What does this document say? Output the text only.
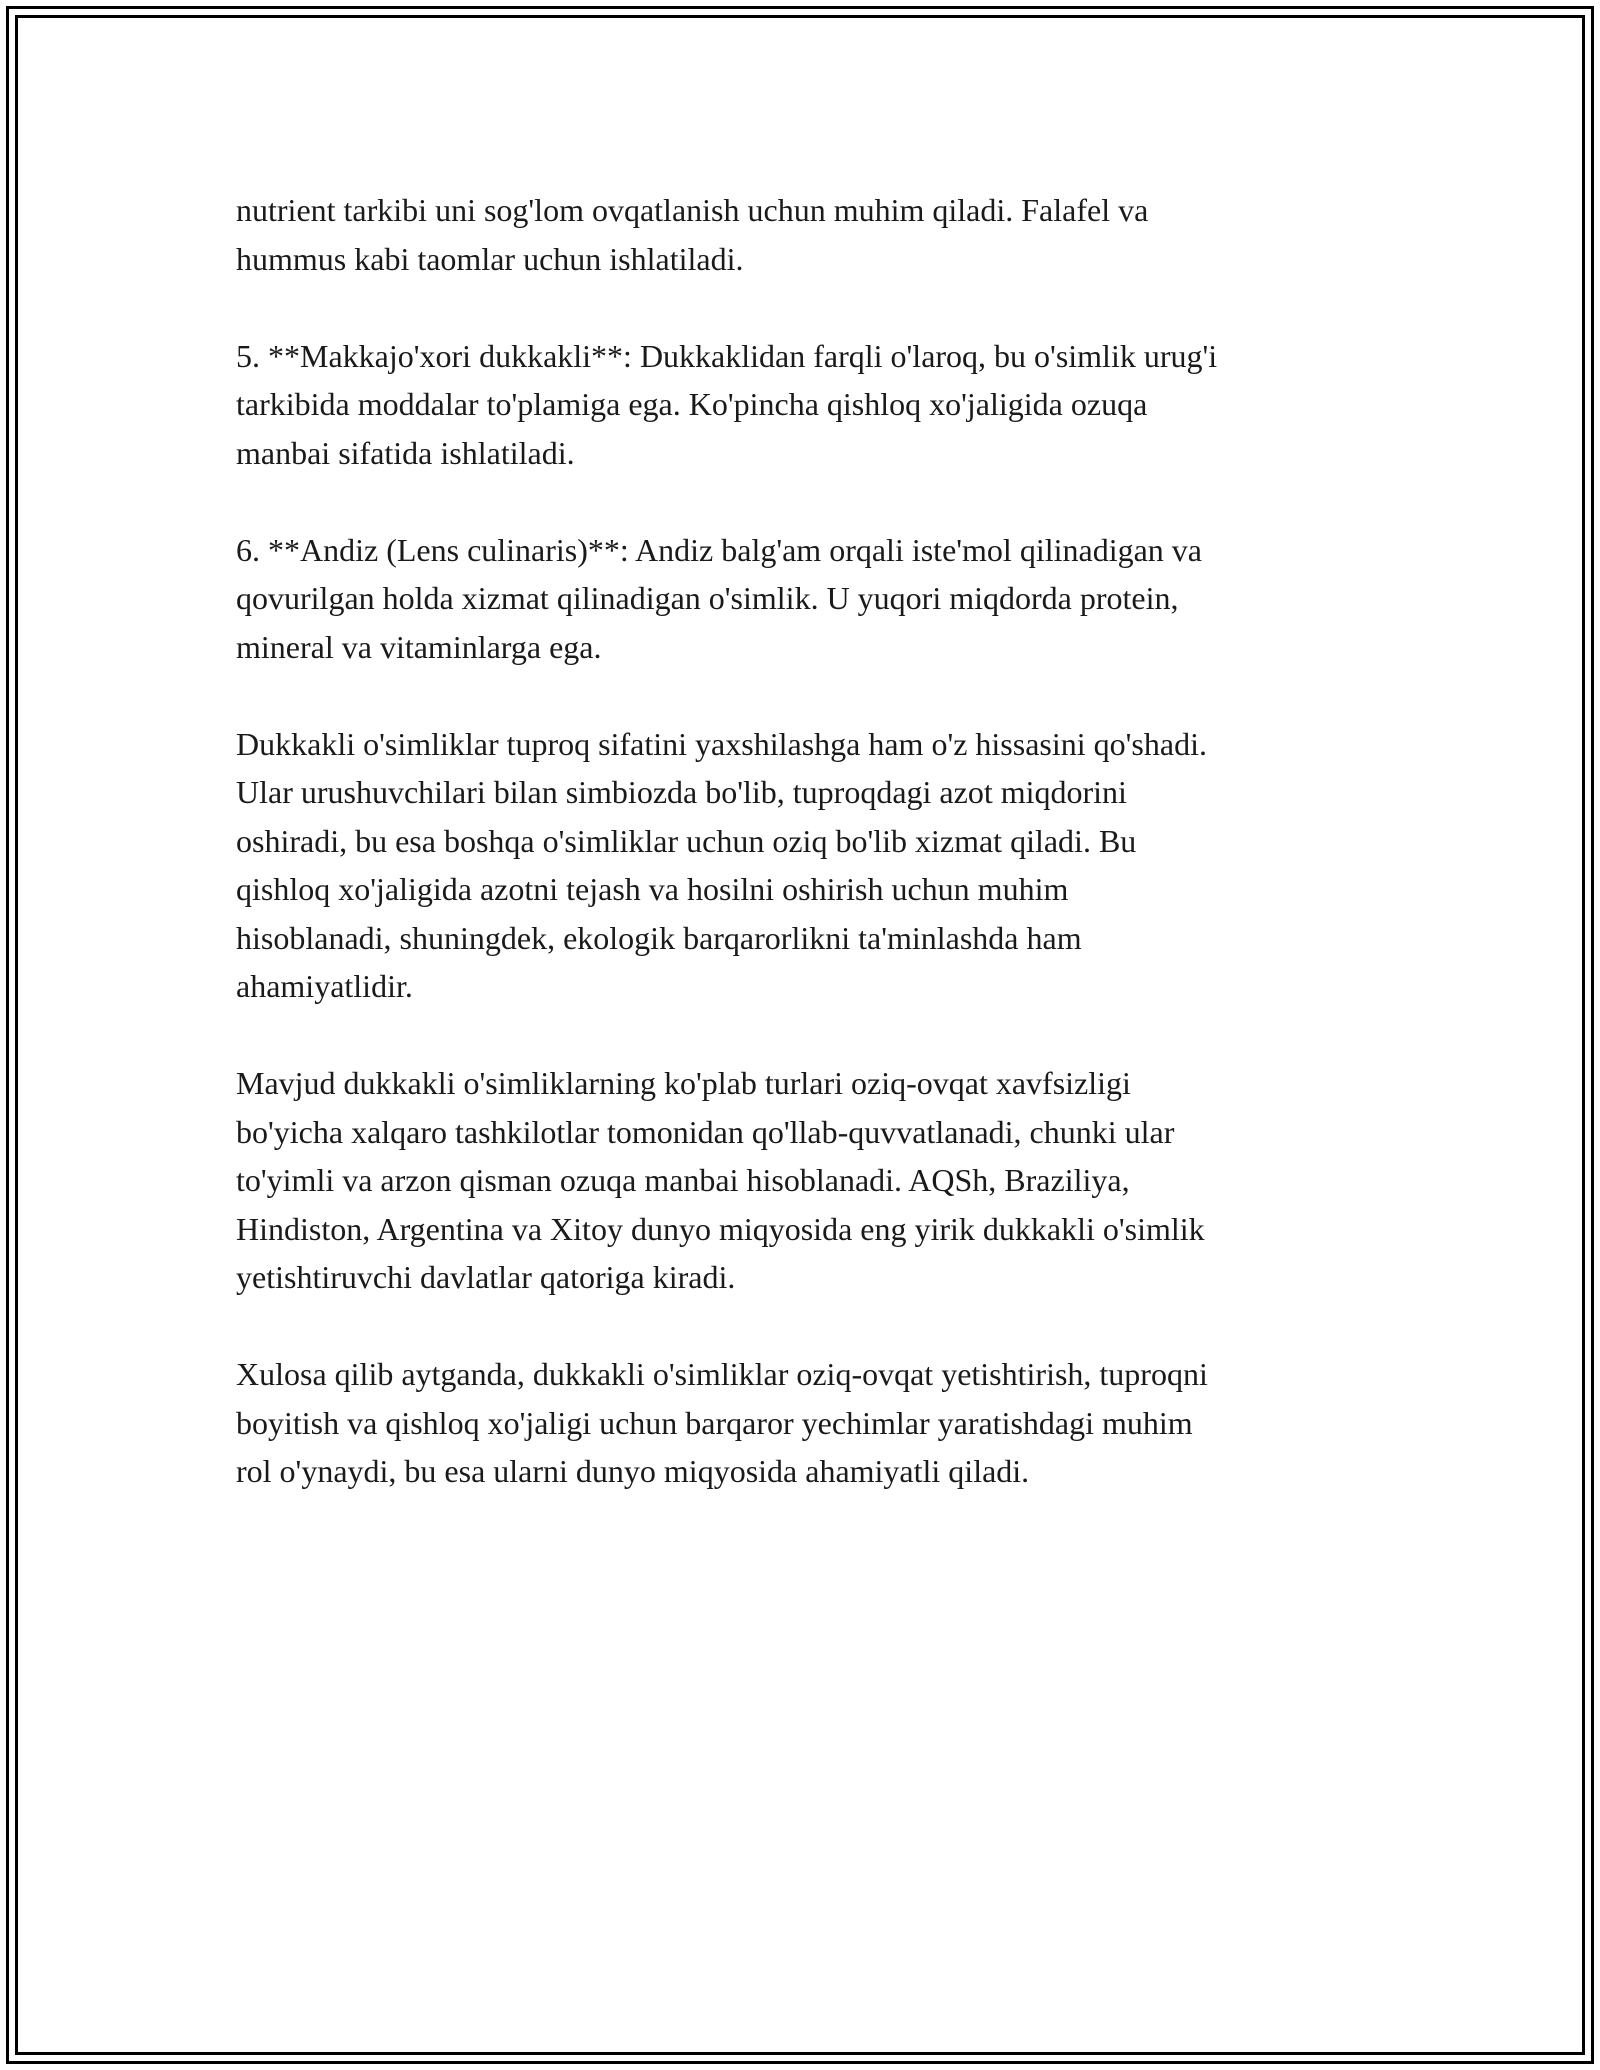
nutrient tarkibi uni sog'lom ovqatlanish uchun muhim qiladi. Falafel va
hummus kabi taomlar uchun ishlatiladi.

5. **Makkajo'xori dukkakli**: Dukkaklidan farqli o'laroq, bu o'simlik urug'i
tarkibida moddalar to'plamiga ega. Ko'pincha qishloq xo'jaligida ozuqa
manbai sifatida ishlatiladi.

6. **Andiz (Lens culinaris)**: Andiz balg'am orqali iste'mol qilinadigan va
qovurilgan holda xizmat qilinadigan o'simlik. U yuqori miqdorda protein,
mineral va vitaminlarga ega.

Dukkakli o'simliklar tuproq sifatini yaxshilashga ham o'z hissasini qo'shadi.
Ular urushuvchilari bilan simbiozda bo'lib, tuproqdagi azot miqdorini
oshiradi, bu esa boshqa o'simliklar uchun oziq bo'lib xizmat qiladi. Bu
qishloq xo'jaligida azotni tejash va hosilni oshirish uchun muhim
hisoblanadi, shuningdek, ekologik barqarorlikni ta'minlashda ham
ahamiyatlidir.

Mavjud dukkakli o'simliklarning ko'plab turlari oziq-ovqat xavfsizligi
bo'yicha xalqaro tashkilotlar tomonidan qo'llab-quvvatlanadi, chunki ular
to'yimli va arzon qisman ozuqa manbai hisoblanadi. AQSh, Braziliya,
Hindiston, Argentina va Xitoy dunyo miqyosida eng yirik dukkakli o'simlik
yetishtiruvchi davlatlar qatoriga kiradi.

Xulosa qilib aytganda, dukkakli o'simliklar oziq-ovqat yetishtirish, tuproqni
boyitish va qishloq xo'jaligi uchun barqaror yechimlar yaratishdagi muhim
rol o'ynaydi, bu esa ularni dunyo miqyosida ahamiyatli qiladi.
